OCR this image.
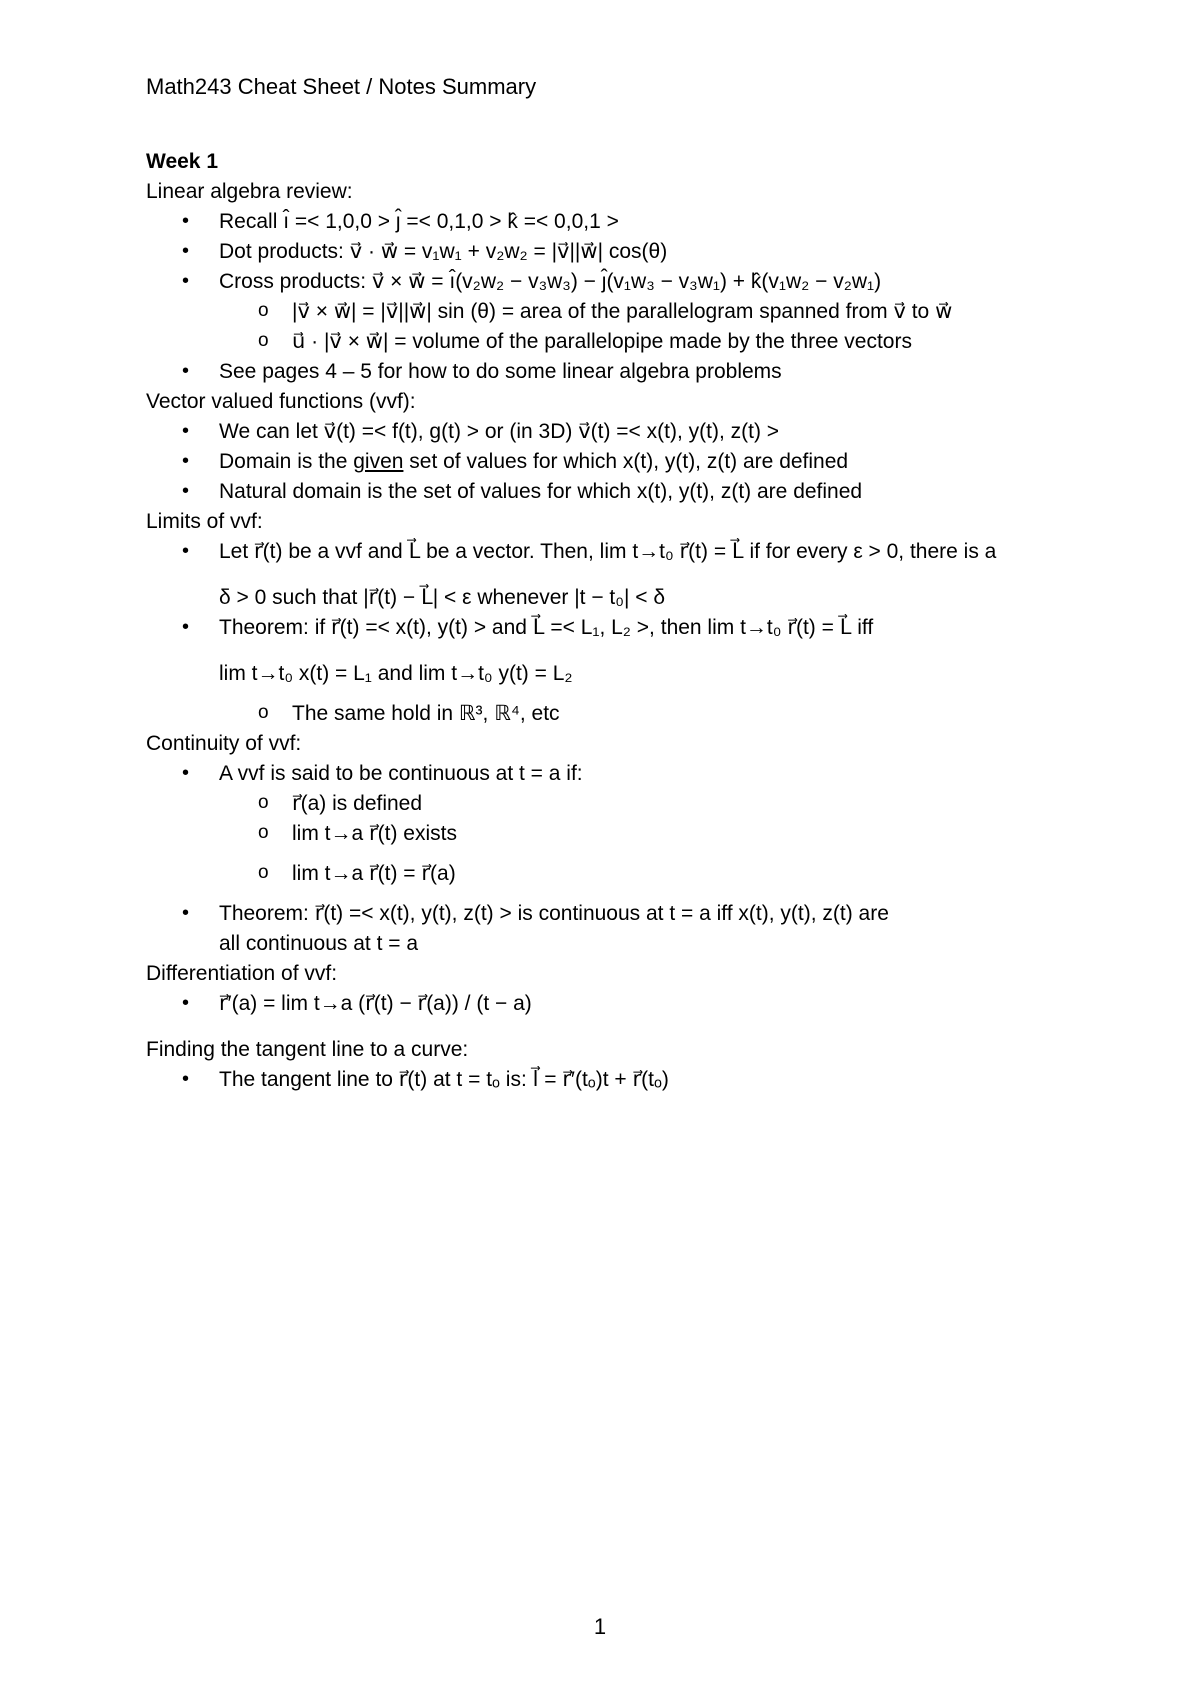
Math243 Cheat Sheet / Notes Summary
Week 1
Linear algebra review:
• Recall ı̂ =< 1,0,0 > ȷ̂ =< 0,1,0 > k̂ =< 0,0,1 >
• Dot products: v⃗ · w⃗ = v₁w₁ + v₂w₂ = |v⃗||w⃗| cos(θ)
• Cross products: v⃗ × w⃗ = ı̂(v₂w₂ − v₃w₃) − ȷ̂(v₁w₃ − v₃w₁) + k̂(v₁w₂ − v₂w₁)
o |v⃗ × w⃗| = |v⃗||w⃗| sin (θ) = area of the parallelogram spanned from v⃗ to w⃗
o u⃗ · |v⃗ × w⃗| = volume of the parallelopipe made by the three vectors
• See pages 4 – 5 for how to do some linear algebra problems
Vector valued functions (vvf):
• We can let v⃗(t) =< f(t), g(t) > or (in 3D) v⃗(t) =< x(t), y(t), z(t) >
• Domain is the given set of values for which x(t), y(t), z(t) are defined
• Natural domain is the set of values for which x(t), y(t), z(t) are defined
Limits of vvf:
• Let r⃗(t) be a vvf and L⃗ be a vector. Then, lim t→t₀ r⃗(t) = L⃗ if for every ε > 0, there is a
δ > 0 such that |r⃗(t) − L⃗| < ε whenever |t − t₀| < δ
• Theorem: if r⃗(t) =< x(t), y(t) > and L⃗ =< L₁, L₂ >, then lim t→t₀ r⃗(t) = L⃗ iff
lim t→t₀ x(t) = L₁ and lim t→t₀ y(t) = L₂
o The same hold in ℝ³, ℝ⁴, etc
Continuity of vvf:
• A vvf is said to be continuous at t = a if:
o r⃗(a) is defined
o lim t→a r⃗(t) exists
o lim t→a r⃗(t) = r⃗(a)
• Theorem: r⃗(t) =< x(t), y(t), z(t) > is continuous at t = a iff x(t), y(t), z(t) are
all continuous at t = a
Differentiation of vvf:
• r⃗′(a) = lim t→a (r⃗(t) − r⃗(a)) / (t − a)
Finding the tangent line to a curve:
• The tangent line to r⃗(t) at t = tₒ is: l⃗ = r⃗′(tₒ)t + r⃗(tₒ)
1
